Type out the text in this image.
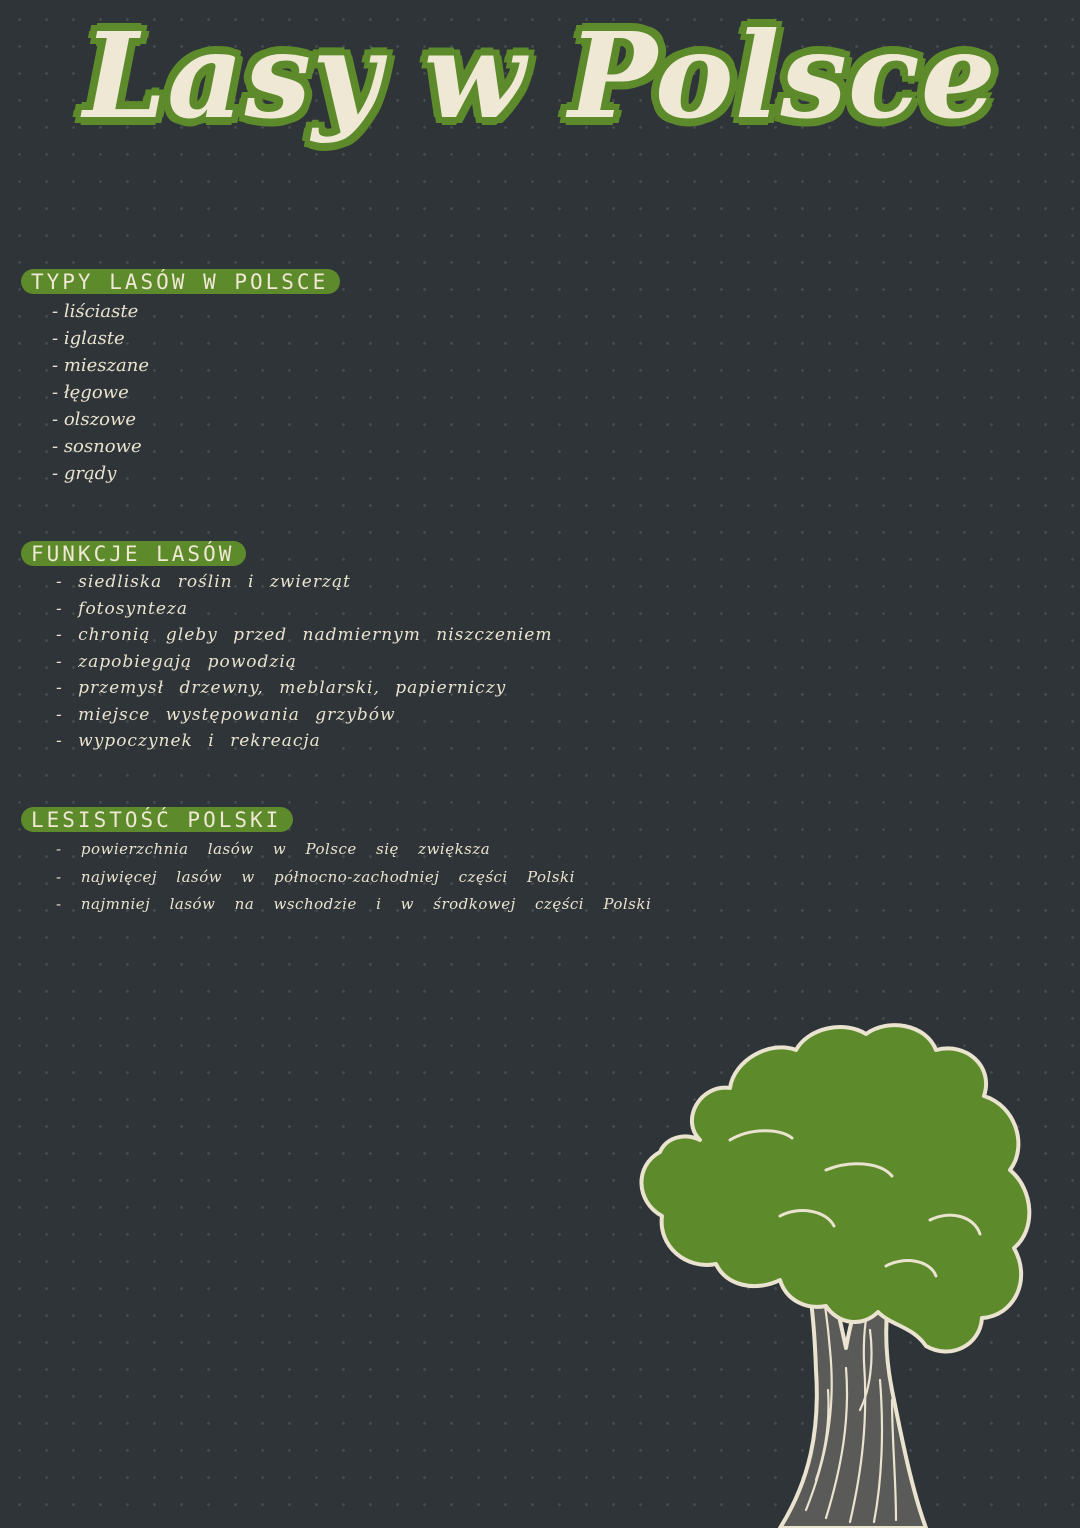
Lasy w Polsce
TYPY LASÓW W POLSCE
- liściaste
- iglaste
- mieszane
- łęgowe
- olszowe
- sosnowe
- grądy
FUNKCJE LASÓW
- siedliska roślin i zwierząt
- fotosynteza
- chronią gleby przed nadmiernym niszczeniem
- zapobiegają powodzią
- przemysł drzewny, meblarski, papierniczy
- miejsce występowania grzybów
- wypoczynek i rekreacja
LESISTOŚĆ POLSKI
- powierzchnia lasów w Polsce się zwiększa
- najwięcej lasów w północno-zachodniej części Polski
- najmniej lasów na wschodzie i w środkowej części Polski
